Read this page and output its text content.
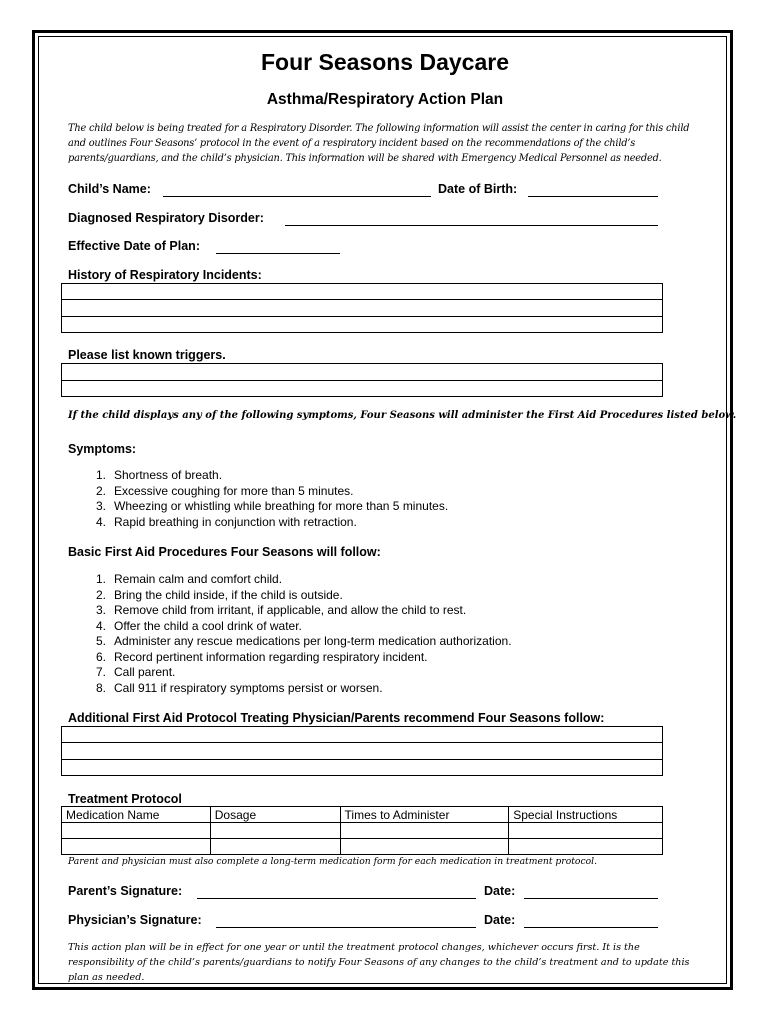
Four Seasons Daycare
Asthma/Respiratory Action Plan
The child below is being treated for a Respiratory Disorder. The following information will assist the center in caring for this child and outlines Four Seasons’ protocol in the event of a respiratory incident based on the recommendations of the child’s parents/guardians, and the child’s physician. This information will be shared with Emergency Medical Personnel as needed.
Child’s Name:	Date of Birth:
Diagnosed Respiratory Disorder:
Effective Date of Plan:
History of Respiratory Incidents:
Please list known triggers.
If the child displays any of the following symptoms, Four Seasons will administer the First Aid Procedures listed below.
Symptoms:
1. Shortness of breath.
2. Excessive coughing for more than 5 minutes.
3. Wheezing or whistling while breathing for more than 5 minutes.
4. Rapid breathing in conjunction with retraction.
Basic First Aid Procedures Four Seasons will follow:
1. Remain calm and comfort child.
2. Bring the child inside, if the child is outside.
3. Remove child from irritant, if applicable, and allow the child to rest.
4. Offer the child a cool drink of water.
5. Administer any rescue medications per long-term medication authorization.
6. Record pertinent information regarding respiratory incident.
7. Call parent.
8. Call 911 if respiratory symptoms persist or worsen.
Additional First Aid Protocol Treating Physician/Parents recommend Four Seasons follow:
Treatment Protocol
Medication Name	Dosage	Times to Administer	Special Instructions

Parent and physician must also complete a long-term medication form for each medication in treatment protocol.
Parent’s Signature:	Date:
Physician’s Signature:	Date:
This action plan will be in effect for one year or until the treatment protocol changes, whichever occurs first. It is the responsibility of the child’s parents/guardians to notify Four Seasons of any changes to the child’s treatment and to update this plan as needed.
